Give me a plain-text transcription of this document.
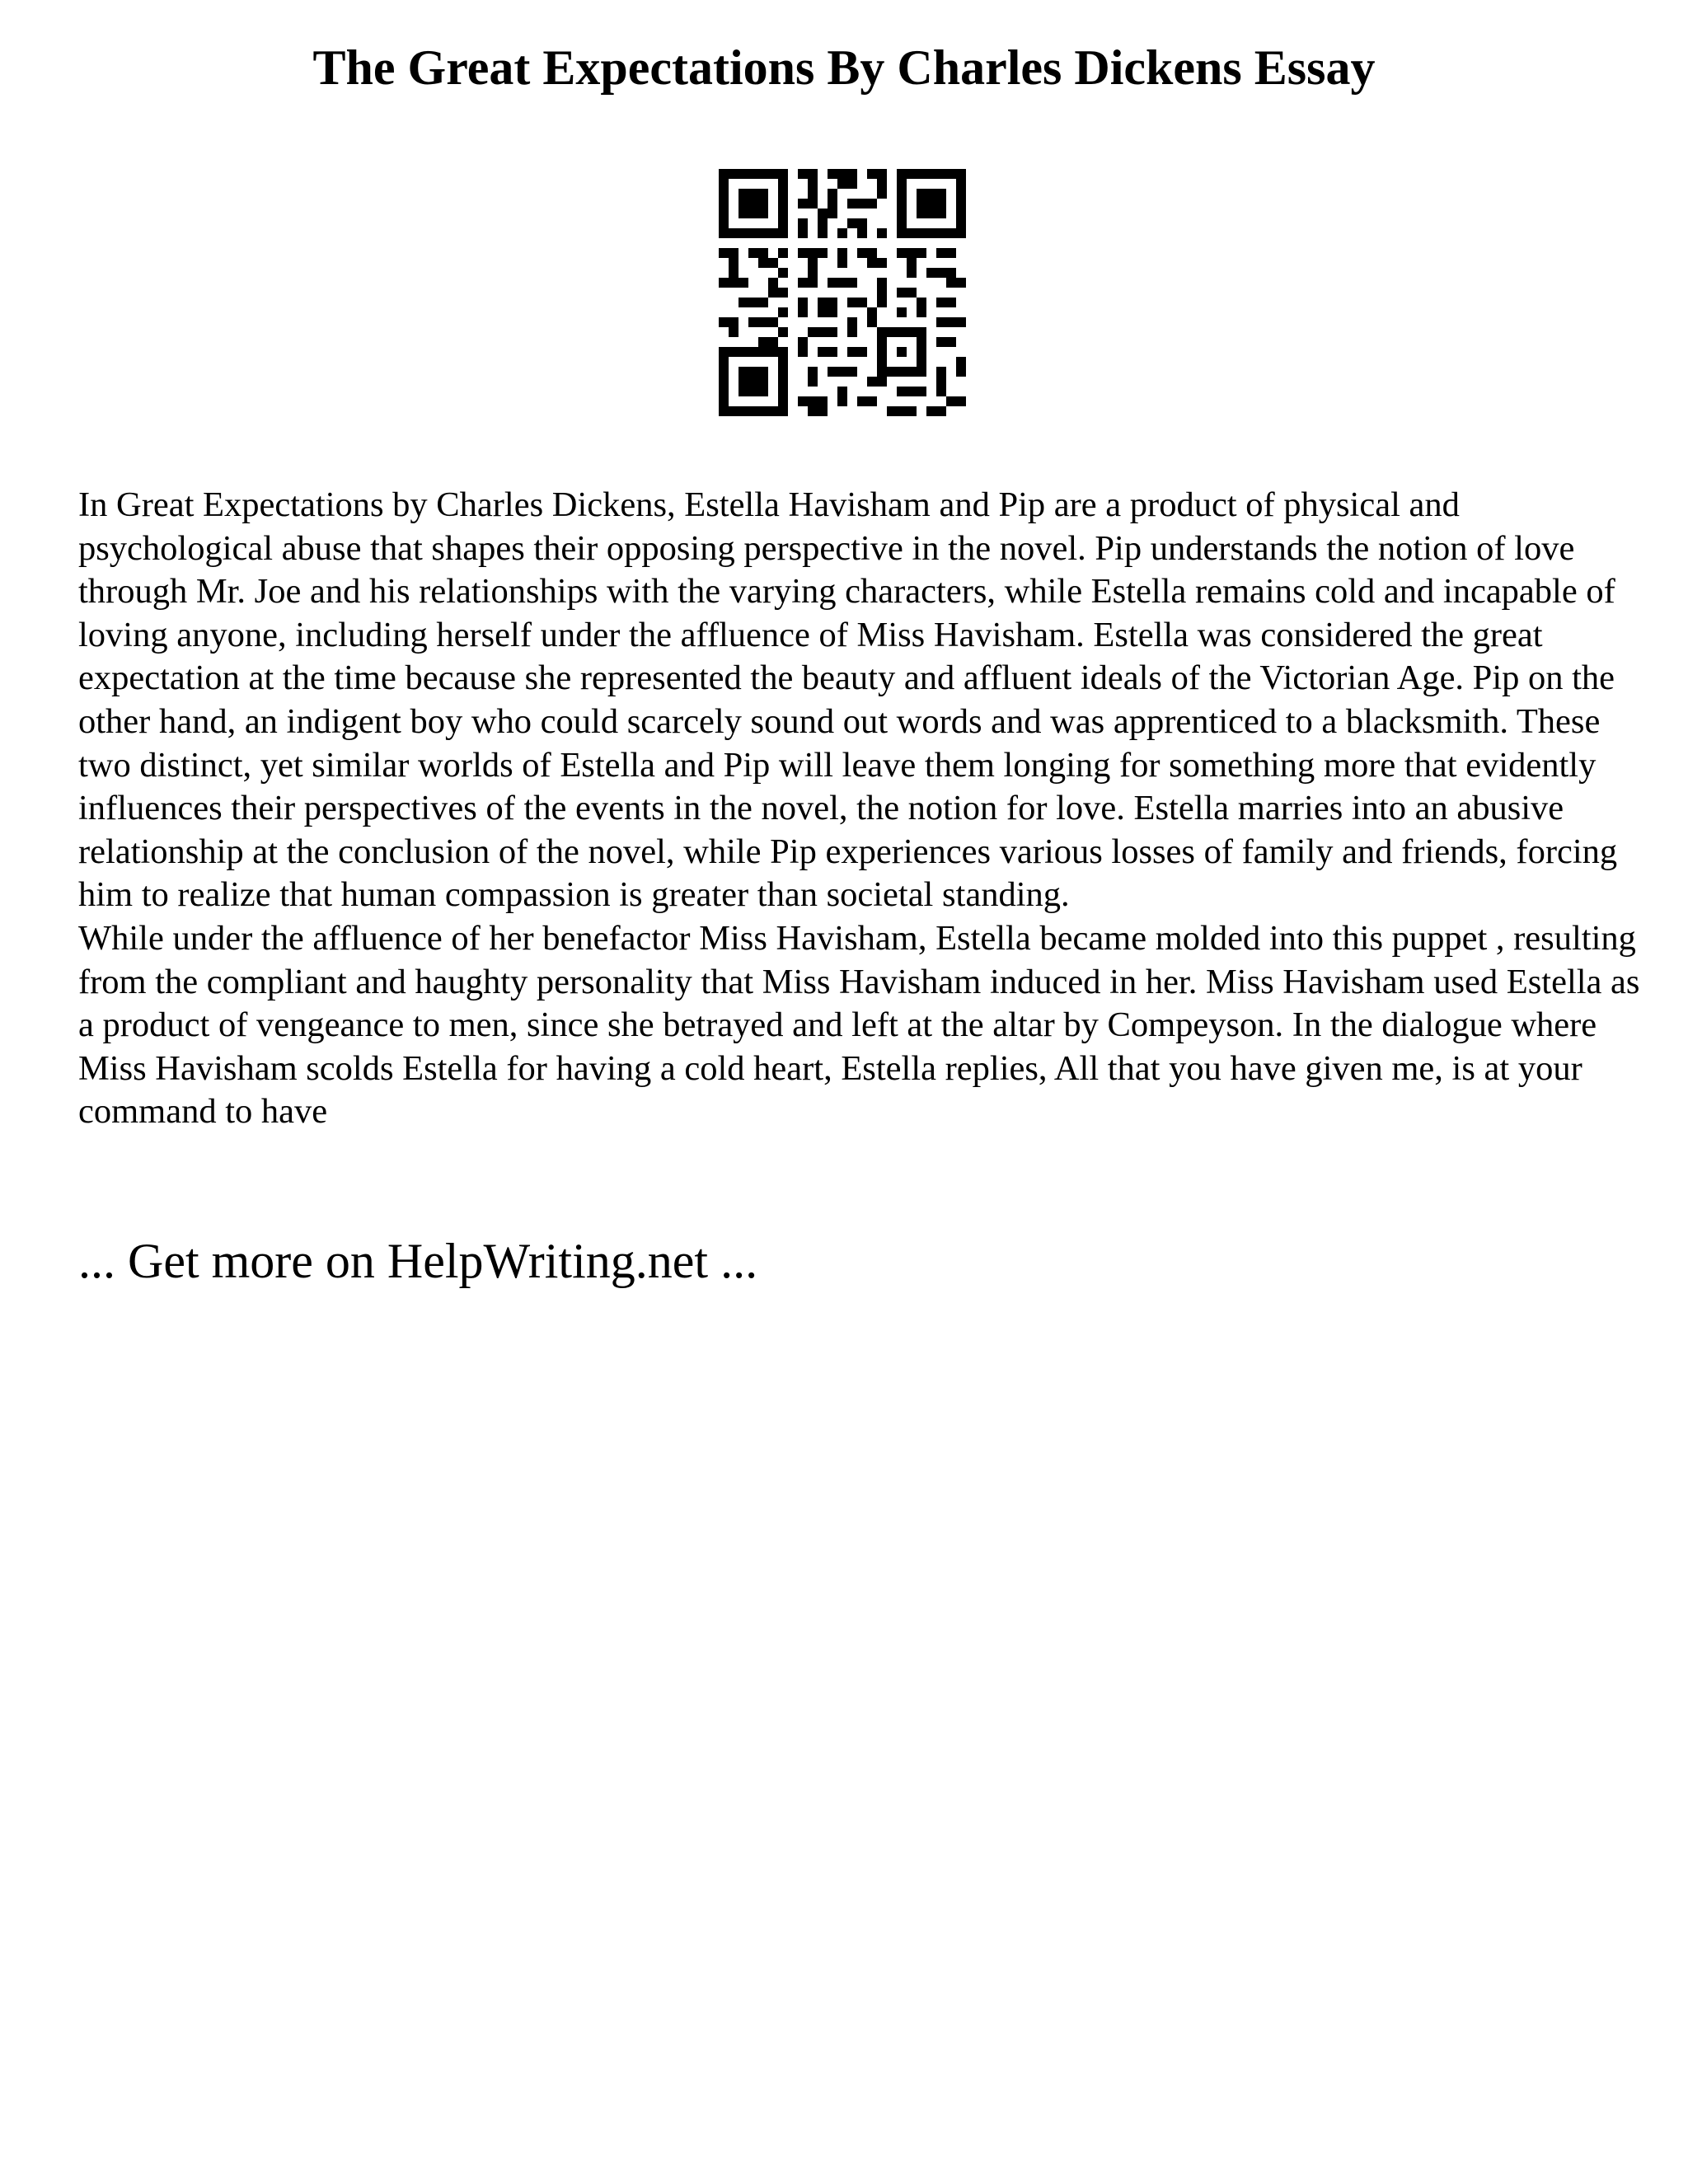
The Great Expectations By Charles Dickens Essay

In Great Expectations by Charles Dickens, Estella Havisham and Pip are a product of physical and psychological abuse that shapes their opposing perspective in the novel. Pip understands the notion of love through Mr. Joe and his relationships with the varying characters, while Estella remains cold and incapable of loving anyone, including herself under the affluence of Miss Havisham. Estella was considered the great expectation at the time because she represented the beauty and affluent ideals of the Victorian Age. Pip on the other hand, an indigent boy who could scarcely sound out words and was apprenticed to a blacksmith. These two distinct, yet similar worlds of Estella and Pip will leave them longing for something more that evidently influences their perspectives of the events in the novel, the notion for love. Estella marries into an abusive relationship at the conclusion of the novel, while Pip experiences various losses of family and friends, forcing him to realize that human compassion is greater than societal standing.

While under the affluence of her benefactor Miss Havisham, Estella became molded into this puppet , resulting from the compliant and haughty personality that Miss Havisham induced in her. Miss Havisham used Estella as a product of vengeance to men, since she betrayed and left at the altar by Compeyson. In the dialogue where Miss Havisham scolds Estella for having a cold heart, Estella replies, All that you have given me, is at your command to have

... Get more on HelpWriting.net ...
